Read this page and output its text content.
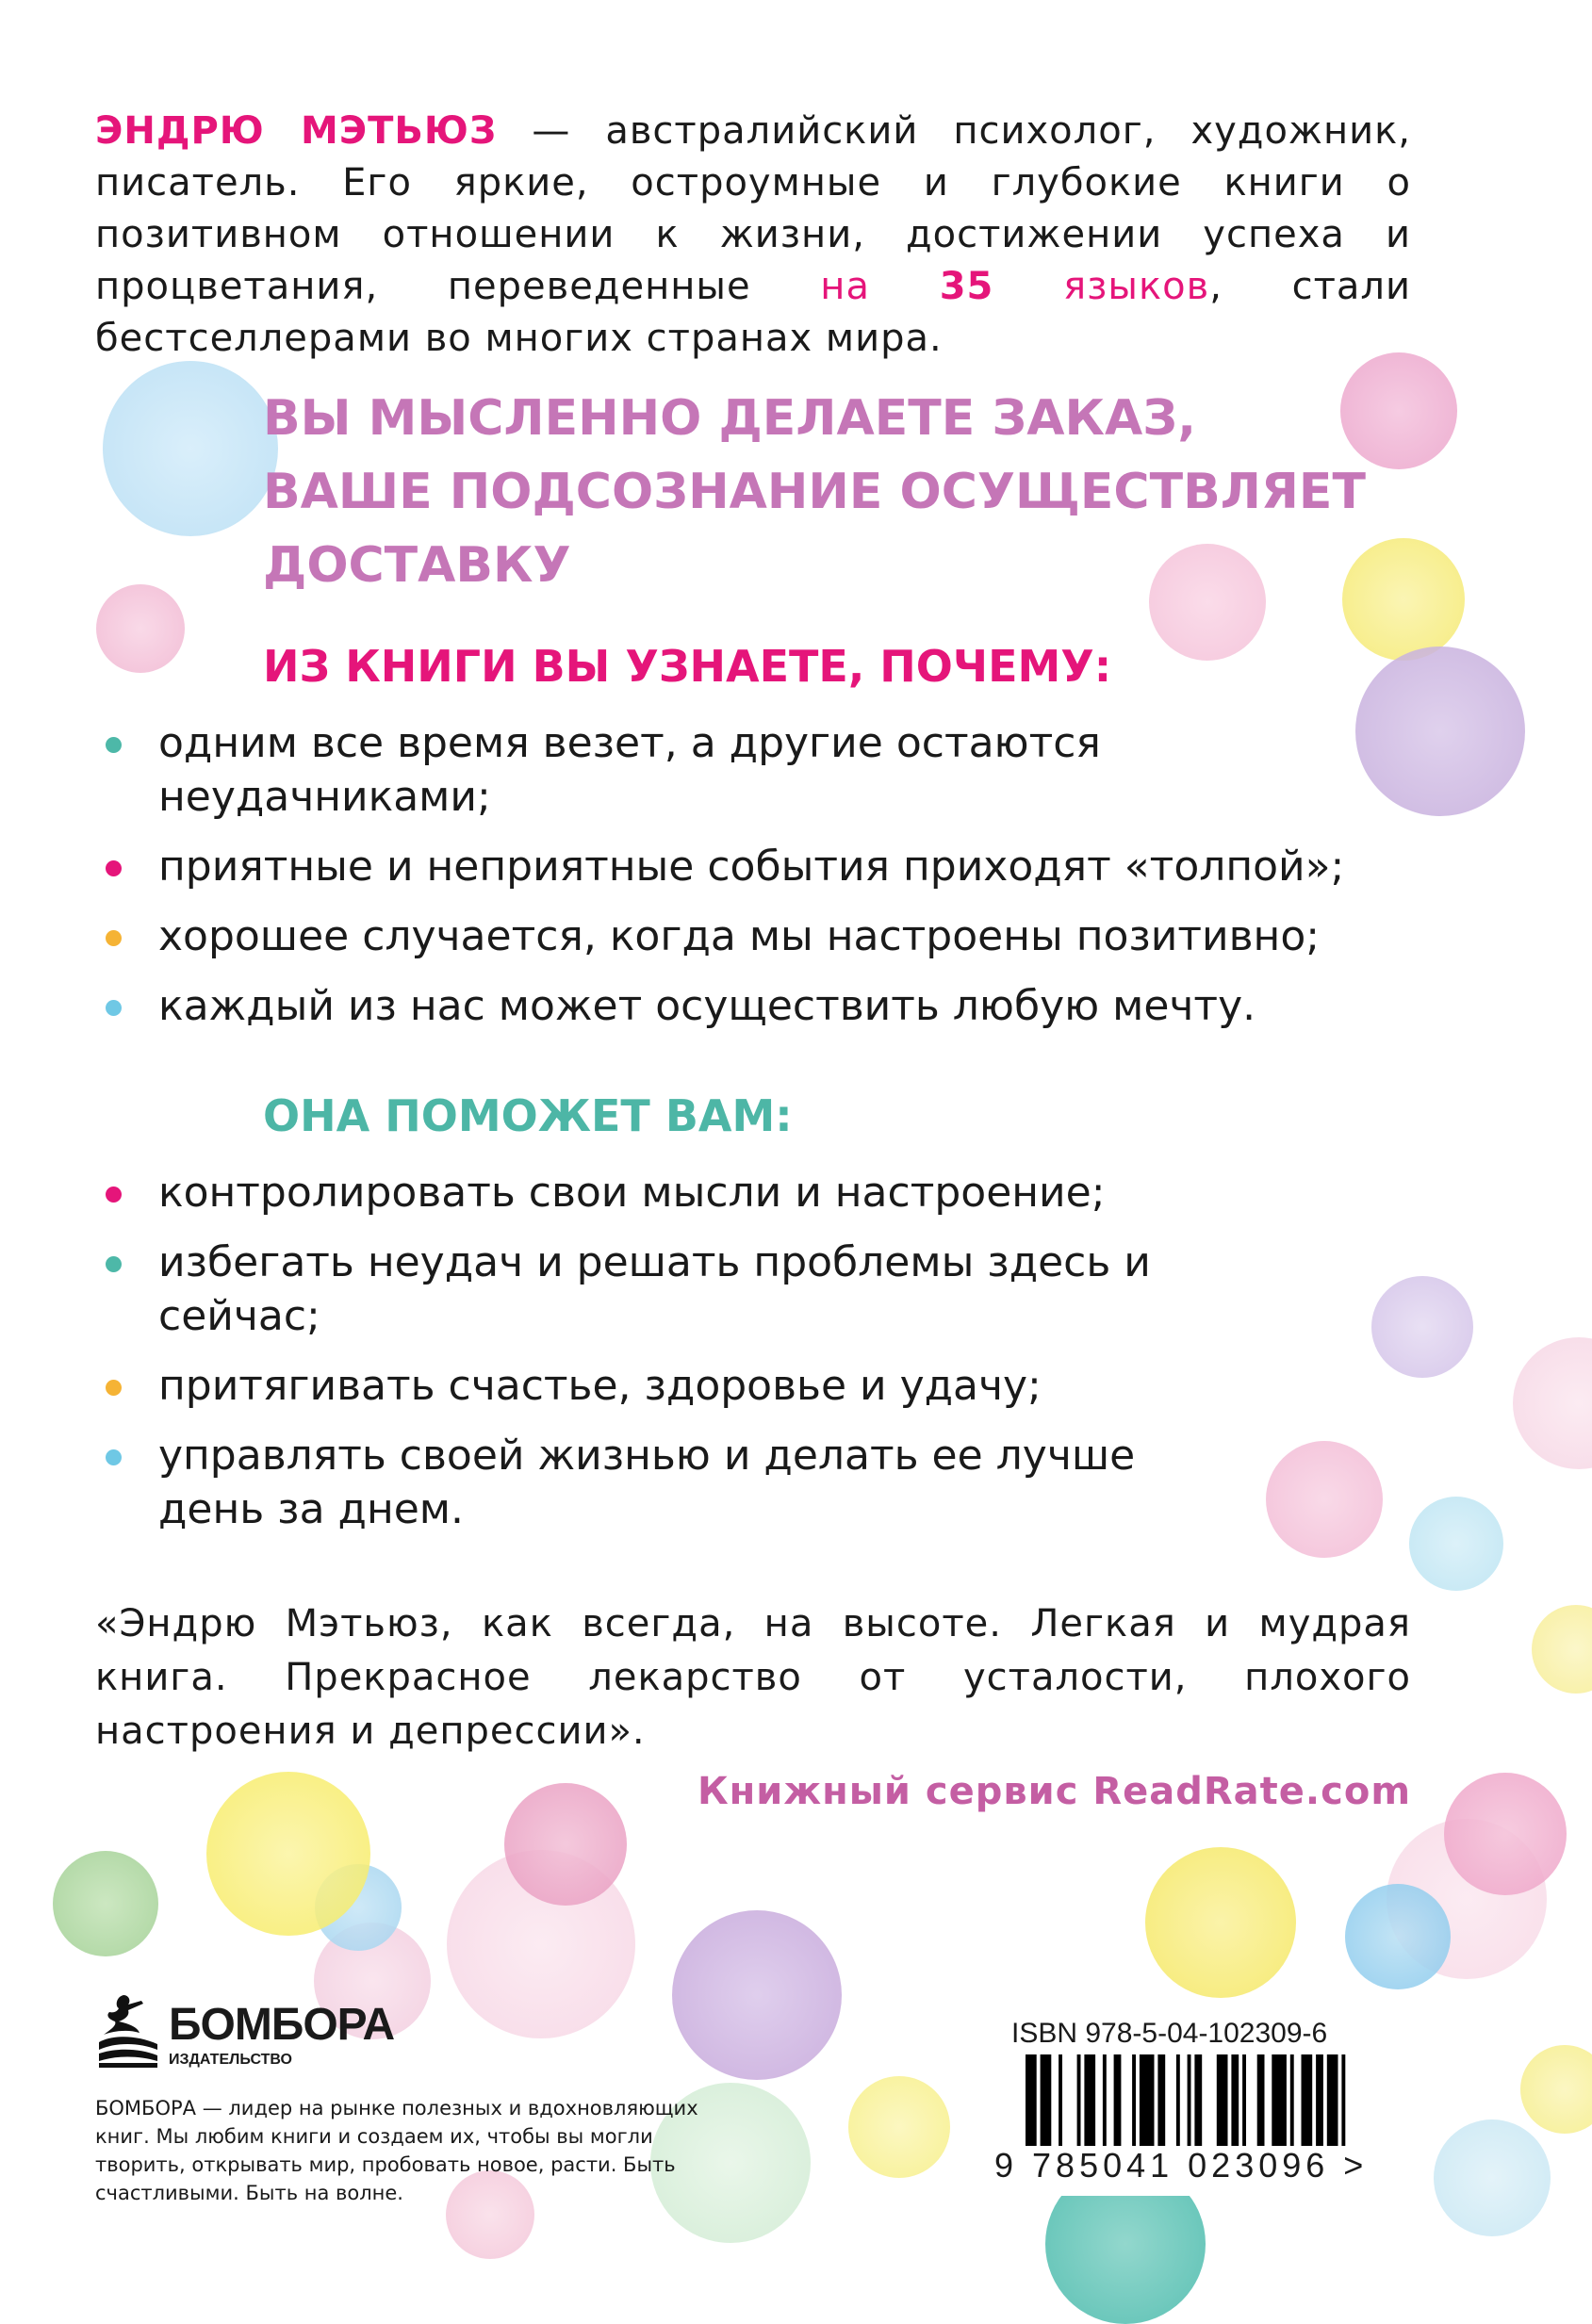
ЭНДРЮ МЭТЬЮЗ — австралийский психолог, художник, писатель. Его яркие, остроумные и глубокие книги о позитивном отношении к жизни, достижении успеха и процветания, переведенные на 35 языков, стали бестселлерами во многих странах мира.
ВЫ МЫСЛЕННО ДЕЛАЕТЕ ЗАКАЗ,
ВАШЕ ПОДСОЗНАНИЕ ОСУЩЕСТВЛЯЕТ
ДОСТАВКУ
ИЗ КНИГИ ВЫ УЗНАЕТЕ, ПОЧЕМУ:
одним все время везет, а другие остаются неудачниками;
приятные и неприятные события приходят «толпой»;
хорошее случается, когда мы настроены позитивно;
каждый из нас может осуществить любую мечту.
ОНА ПОМОЖЕТ ВАМ:
контролировать свои мысли и настроение;
избегать неудач и решать проблемы здесь и сейчас;
притягивать счастье, здоровье и удачу;
управлять своей жизнью и делать ее лучше день за днем.
«Эндрю Мэтьюз, как всегда, на высоте. Легкая и мудрая книга. Прекрасное лекарство от усталости, плохого настроения и депрессии».
Книжный сервис ReadRate.com
БОМБОРА
ИЗДАТЕЛЬСТВО
БОМБОРА — лидер на рынке полезных и вдохновляющих книг. Мы любим книги и создаем их, чтобы вы могли творить, открывать мир, пробовать новое, расти. Быть счастливыми. Быть на волне.
ISBN 978-5-04-102309-6
9 785041 023096 >
